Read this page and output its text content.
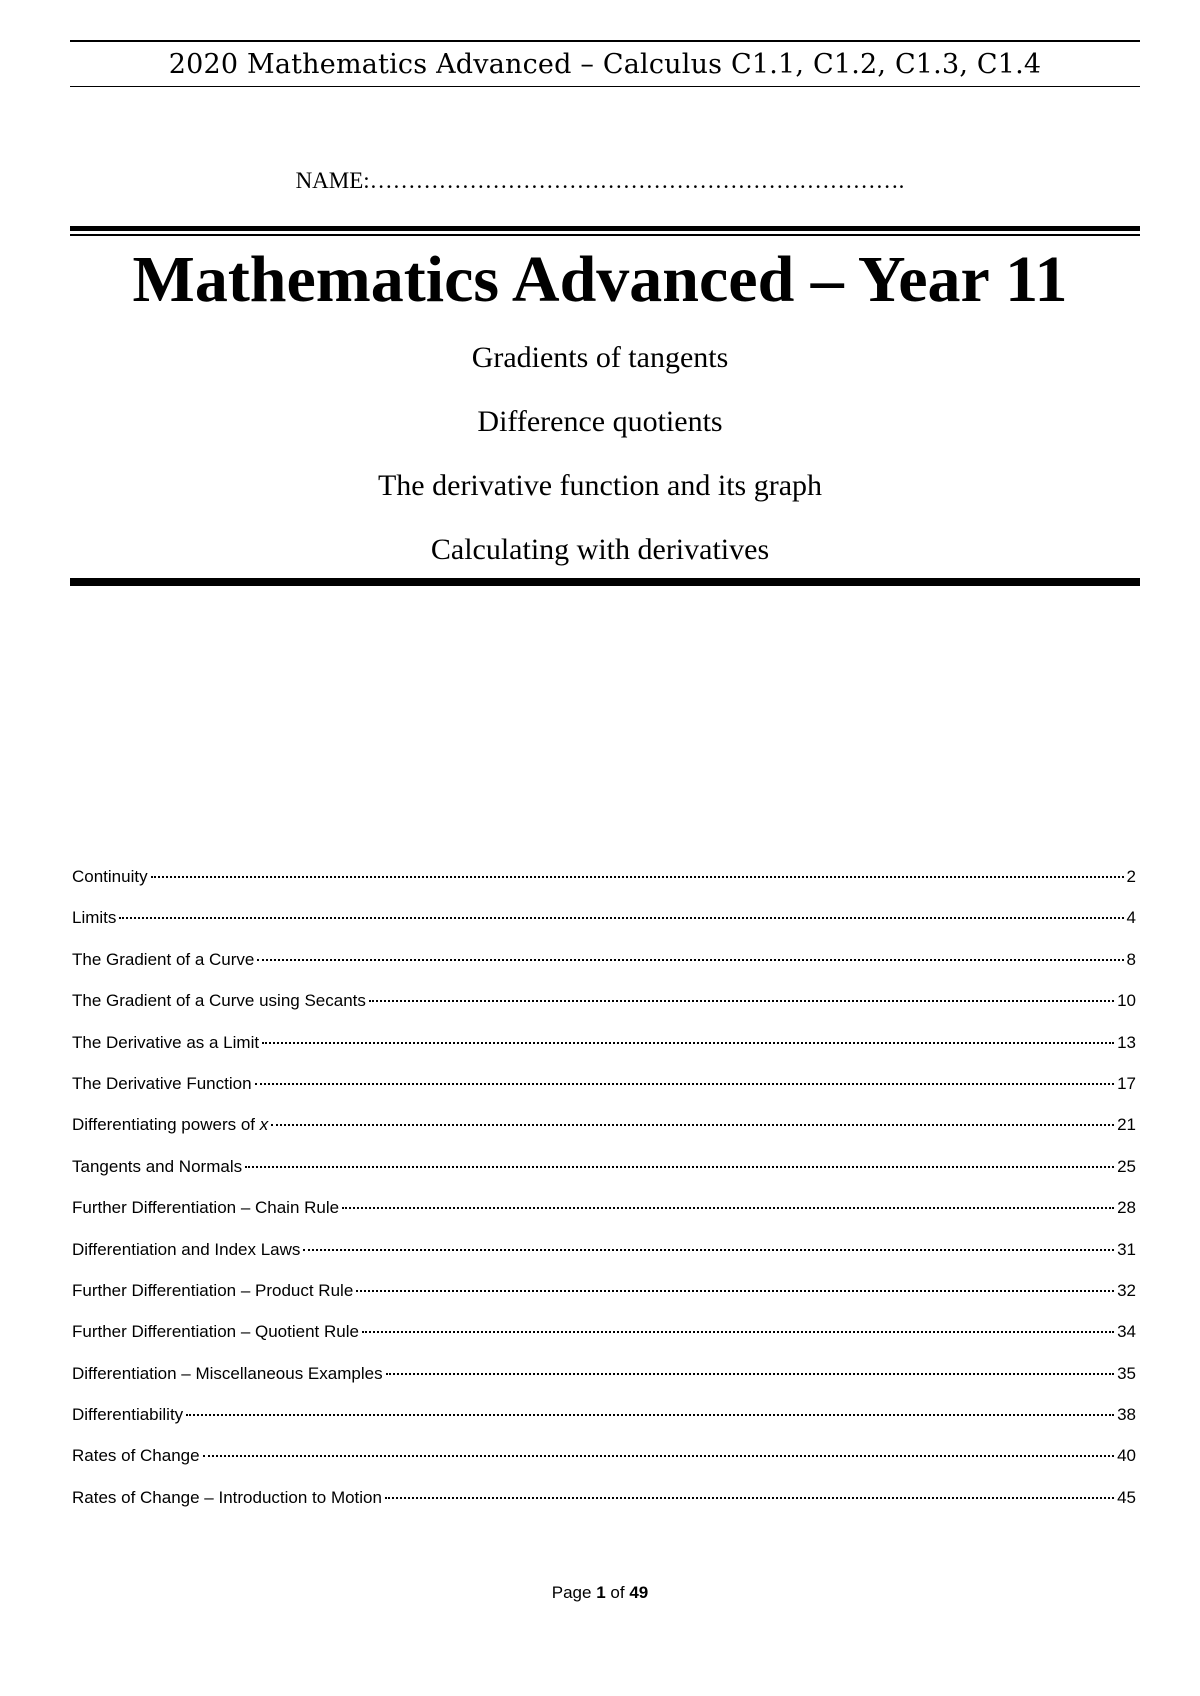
2020 Mathematics Advanced – Calculus C1.1, C1.2, C1.3, C1.4
NAME:…………………………………………………………….
Mathematics Advanced – Year 11
Gradients of tangents
Difference quotients
The derivative function and its graph
Calculating with derivatives
Continuity	2
Limits	4
The Gradient of a Curve	8
The Gradient of a Curve using Secants	10
The Derivative as a Limit	13
The Derivative Function	17
Differentiating powers of x	21
Tangents and Normals	25
Further Differentiation – Chain Rule	28
Differentiation and Index Laws	31
Further Differentiation – Product Rule	32
Further Differentiation – Quotient Rule	34
Differentiation – Miscellaneous Examples	35
Differentiability	38
Rates of Change	40
Rates of Change – Introduction to Motion	45
Page 1 of 49
